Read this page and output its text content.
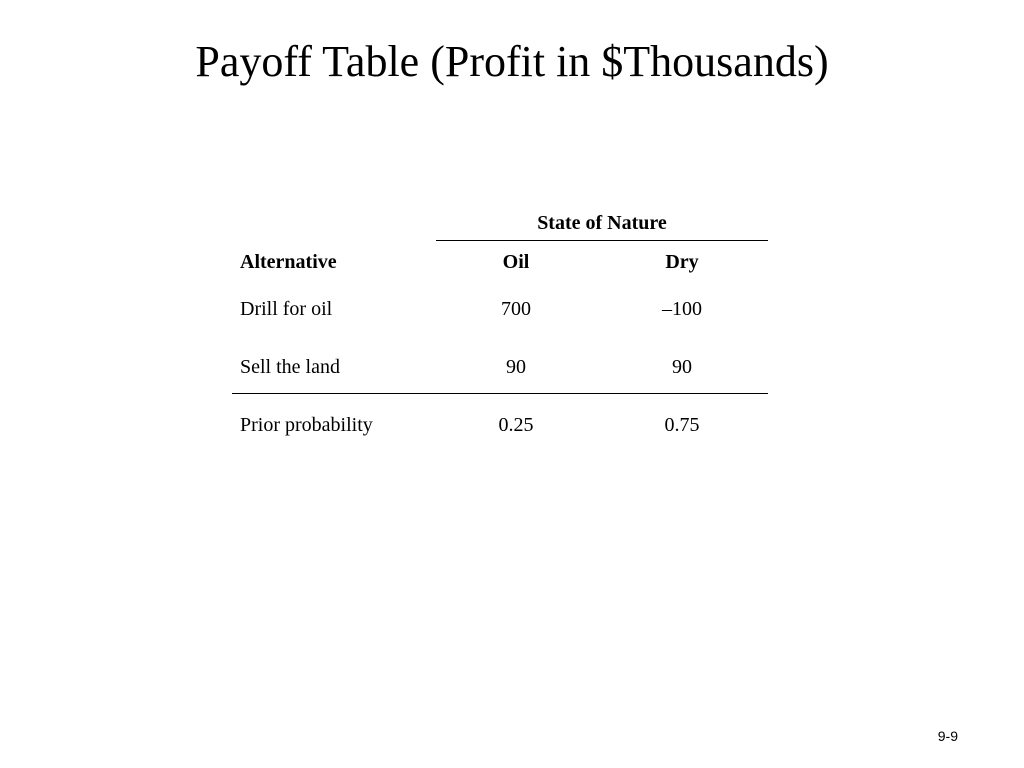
Payoff Table (Profit in $Thousands)
State of Nature
Alternative	Oil	Dry
Drill for oil	700	–100
Sell the land	90	90
Prior probability	0.25	0.75
9-9
